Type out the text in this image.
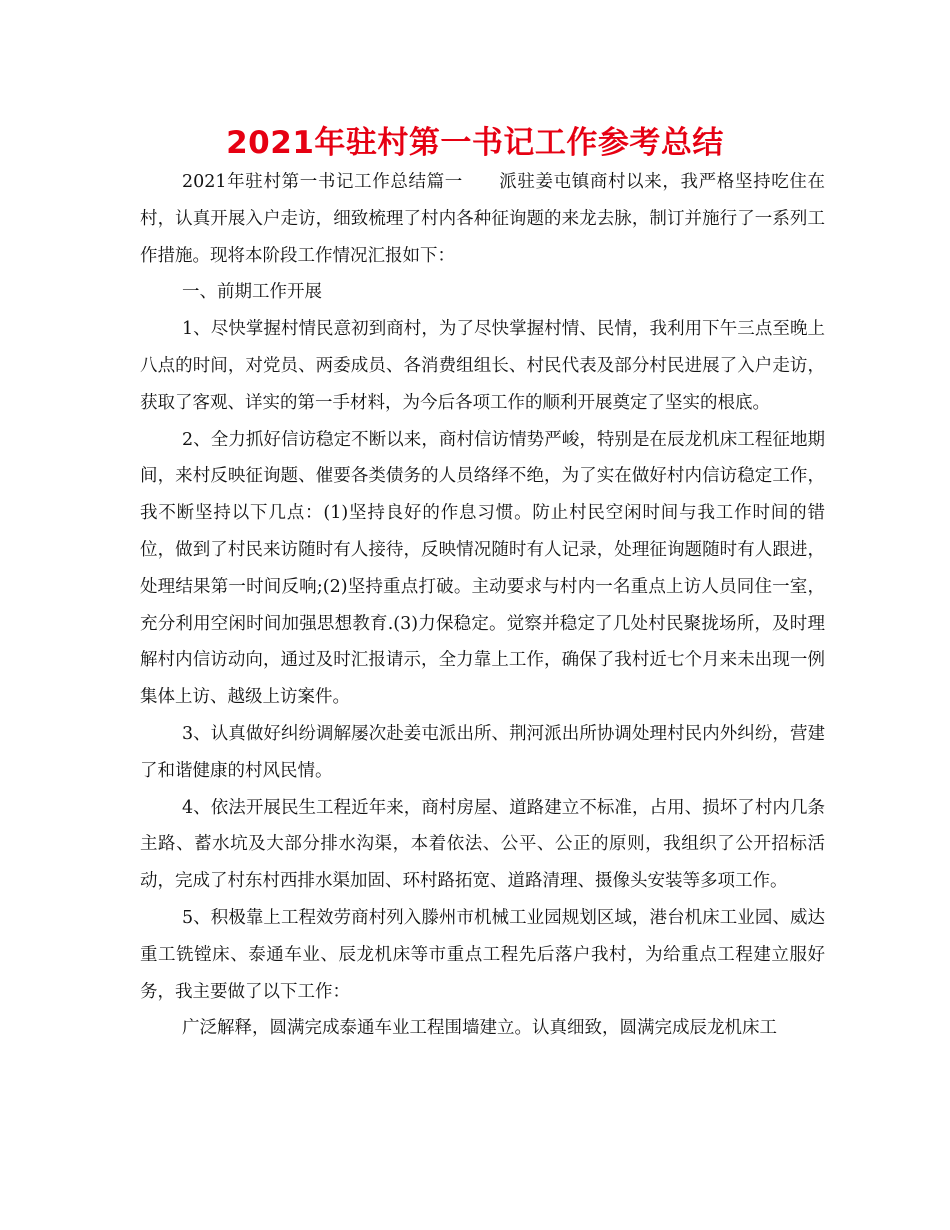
2021年驻村第一书记工作参考总结

2021年驻村第一书记工作总结篇一　　派驻姜屯镇商村以来，我严格坚持吃住在村，认真开展入户走访，细致梳理了村内各种征询题的来龙去脉，制订并施行了一系列工作措施。现将本阶段工作情况汇报如下：

一、前期工作开展

1、尽快掌握村情民意初到商村，为了尽快掌握村情、民情，我利用下午三点至晚上八点的时间，对党员、两委成员、各消费组组长、村民代表及部分村民进展了入户走访，获取了客观、详实的第一手材料，为今后各项工作的顺利开展奠定了坚实的根底。

2、全力抓好信访稳定不断以来，商村信访情势严峻，特别是在辰龙机床工程征地期间，来村反映征询题、催要各类债务的人员络绎不绝，为了实在做好村内信访稳定工作，我不断坚持以下几点：(1)坚持良好的作息习惯。防止村民空闲时间与我工作时间的错位，做到了村民来访随时有人接待，反映情况随时有人记录，处理征询题随时有人跟进，处理结果第一时间反响;(2)坚持重点打破。主动要求与村内一名重点上访人员同住一室，充分利用空闲时间加强思想教育.(3)力保稳定。觉察并稳定了几处村民聚拢场所，及时理解村内信访动向，通过及时汇报请示，全力靠上工作，确保了我村近七个月来未出现一例集体上访、越级上访案件。

3、认真做好纠纷调解屡次赴姜屯派出所、荆河派出所协调处理村民内外纠纷，营建了和谐健康的村风民情。

4、依法开展民生工程近年来，商村房屋、道路建立不标准，占用、损坏了村内几条主路、蓄水坑及大部分排水沟渠，本着依法、公平、公正的原则，我组织了公开招标活动，完成了村东村西排水渠加固、环村路拓宽、道路清理、摄像头安装等多项工作。

5、积极靠上工程效劳商村列入滕州市机械工业园规划区域，港台机床工业园、威达重工铣镗床、泰通车业、辰龙机床等市重点工程先后落户我村，为给重点工程建立服好务，我主要做了以下工作：

广泛解释，圆满完成泰通车业工程围墙建立。认真细致，圆满完成辰龙机床工
